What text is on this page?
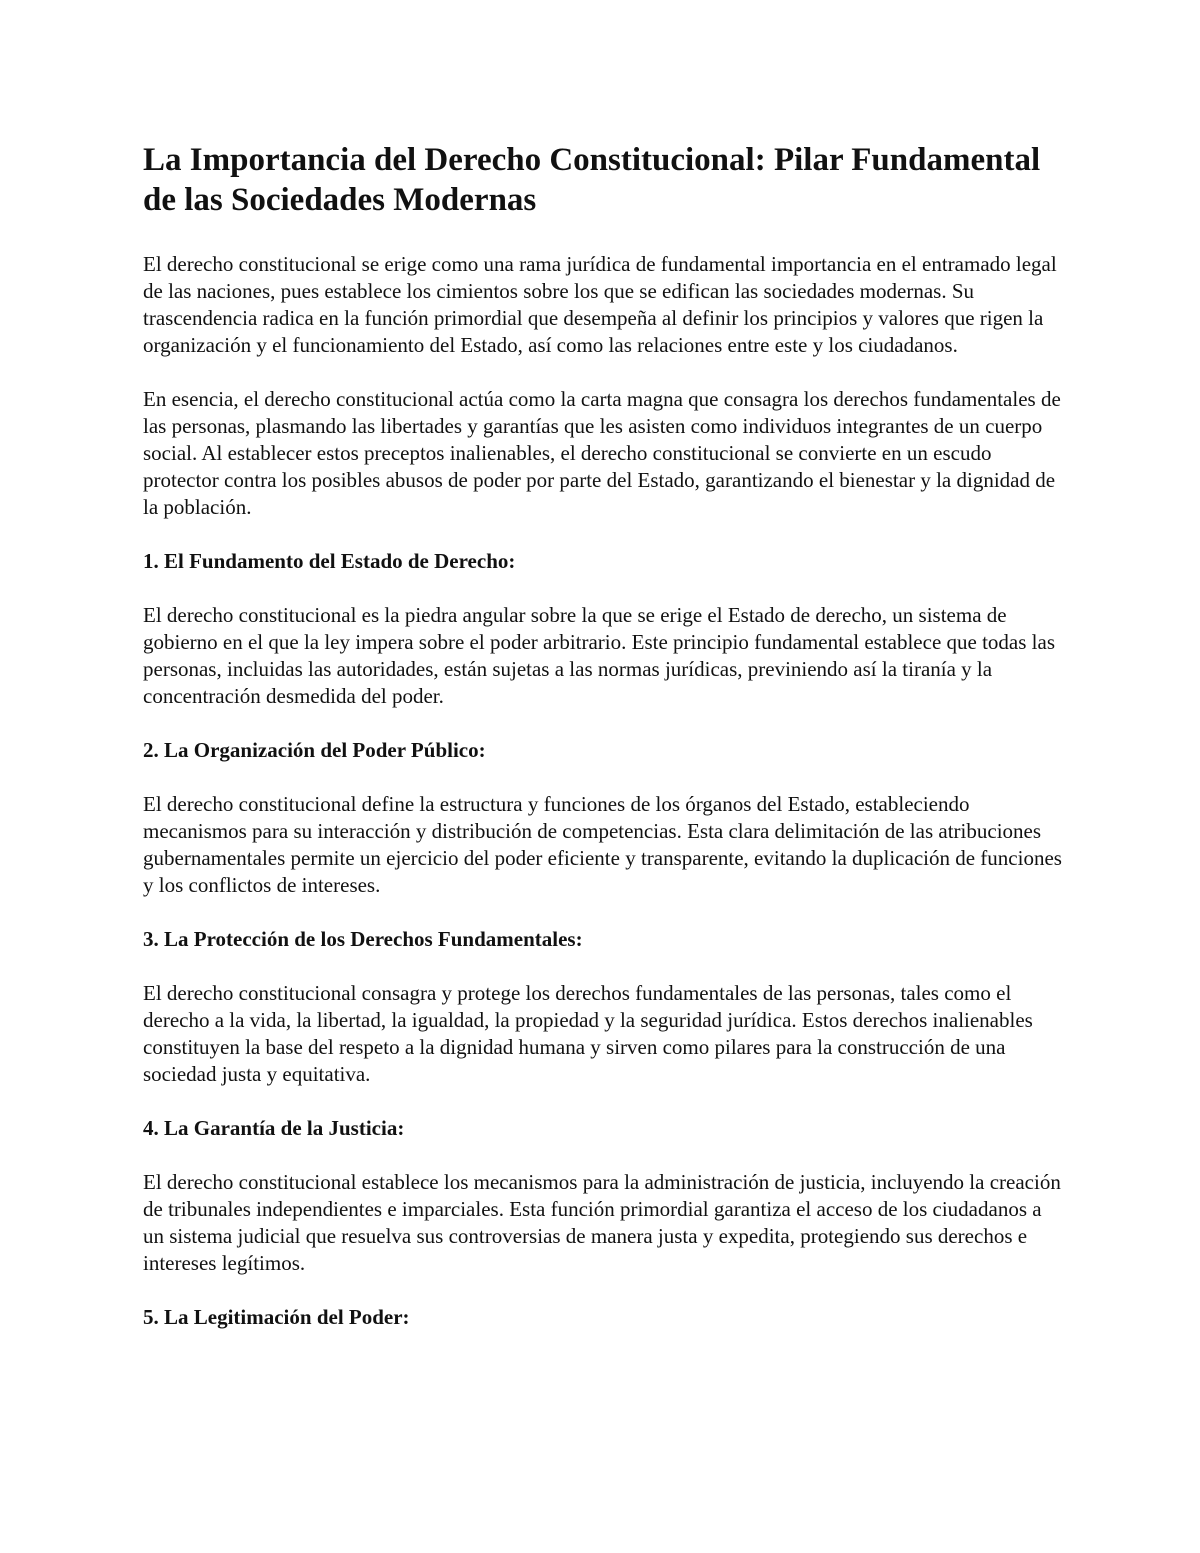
La Importancia del Derecho Constitucional: Pilar Fundamental de las Sociedades Modernas

El derecho constitucional se erige como una rama jurídica de fundamental importancia en el entramado legal de las naciones, pues establece los cimientos sobre los que se edifican las sociedades modernas. Su trascendencia radica en la función primordial que desempeña al definir los principios y valores que rigen la organización y el funcionamiento del Estado, así como las relaciones entre este y los ciudadanos.

En esencia, el derecho constitucional actúa como la carta magna que consagra los derechos fundamentales de las personas, plasmando las libertades y garantías que les asisten como individuos integrantes de un cuerpo social. Al establecer estos preceptos inalienables, el derecho constitucional se convierte en un escudo protector contra los posibles abusos de poder por parte del Estado, garantizando el bienestar y la dignidad de la población.

1. El Fundamento del Estado de Derecho:

El derecho constitucional es la piedra angular sobre la que se erige el Estado de derecho, un sistema de gobierno en el que la ley impera sobre el poder arbitrario. Este principio fundamental establece que todas las personas, incluidas las autoridades, están sujetas a las normas jurídicas, previniendo así la tiranía y la concentración desmedida del poder.

2. La Organización del Poder Público:

El derecho constitucional define la estructura y funciones de los órganos del Estado, estableciendo mecanismos para su interacción y distribución de competencias. Esta clara delimitación de las atribuciones gubernamentales permite un ejercicio del poder eficiente y transparente, evitando la duplicación de funciones y los conflictos de intereses.

3. La Protección de los Derechos Fundamentales:

El derecho constitucional consagra y protege los derechos fundamentales de las personas, tales como el derecho a la vida, la libertad, la igualdad, la propiedad y la seguridad jurídica. Estos derechos inalienables constituyen la base del respeto a la dignidad humana y sirven como pilares para la construcción de una sociedad justa y equitativa.

4. La Garantía de la Justicia:

El derecho constitucional establece los mecanismos para la administración de justicia, incluyendo la creación de tribunales independientes e imparciales. Esta función primordial garantiza el acceso de los ciudadanos a un sistema judicial que resuelva sus controversias de manera justa y expedita, protegiendo sus derechos e intereses legítimos.

5. La Legitimación del Poder:
